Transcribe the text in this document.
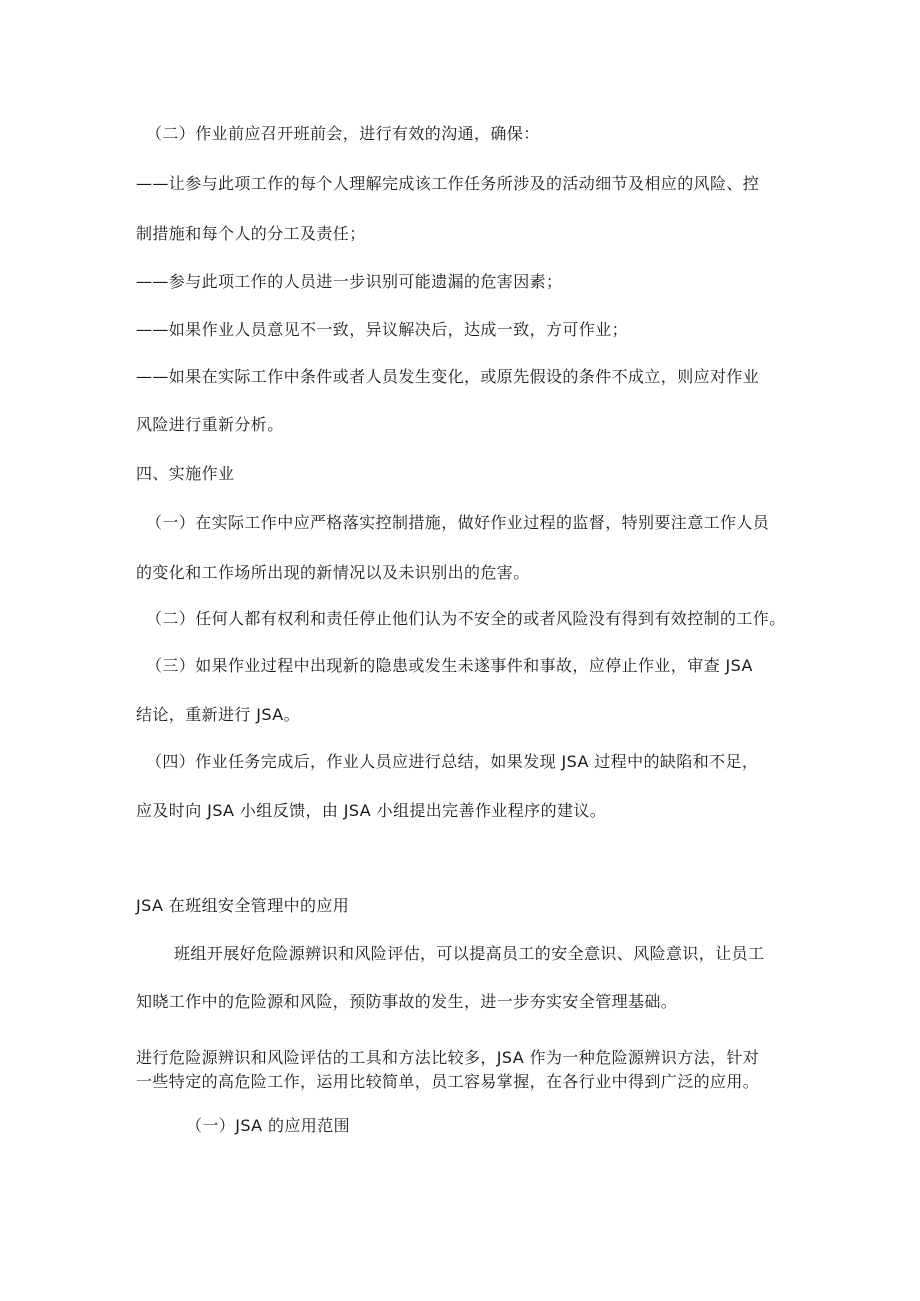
（二）作业前应召开班前会，进行有效的沟通，确保：
——让参与此项工作的每个人理解完成该工作任务所涉及的活动细节及相应的风险、控
制措施和每个人的分工及责任；
——参与此项工作的人员进一步识别可能遗漏的危害因素；
——如果作业人员意见不一致，异议解决后，达成一致，方可作业；
——如果在实际工作中条件或者人员发生变化，或原先假设的条件不成立，则应对作业
风险进行重新分析。
四、实施作业
（一）在实际工作中应严格落实控制措施，做好作业过程的监督，特别要注意工作人员
的变化和工作场所出现的新情况以及未识别出的危害。
（二）任何人都有权利和责任停止他们认为不安全的或者风险没有得到有效控制的工作。
（三）如果作业过程中出现新的隐患或发生未遂事件和事故，应停止作业，审查 JSA
结论，重新进行 JSA。
（四）作业任务完成后，作业人员应进行总结，如果发现 JSA 过程中的缺陷和不足，
应及时向 JSA 小组反馈，由 JSA 小组提出完善作业程序的建议。
JSA 在班组安全管理中的应用
班组开展好危险源辨识和风险评估，可以提高员工的安全意识、风险意识，让员工
知晓工作中的危险源和风险，预防事故的发生，进一步夯实安全管理基础。
进行危险源辨识和风险评估的工具和方法比较多，JSA 作为一种危险源辨识方法，针对
一些特定的高危险工作，运用比较简单，员工容易掌握，在各行业中得到广泛的应用。
（一）JSA 的应用范围
